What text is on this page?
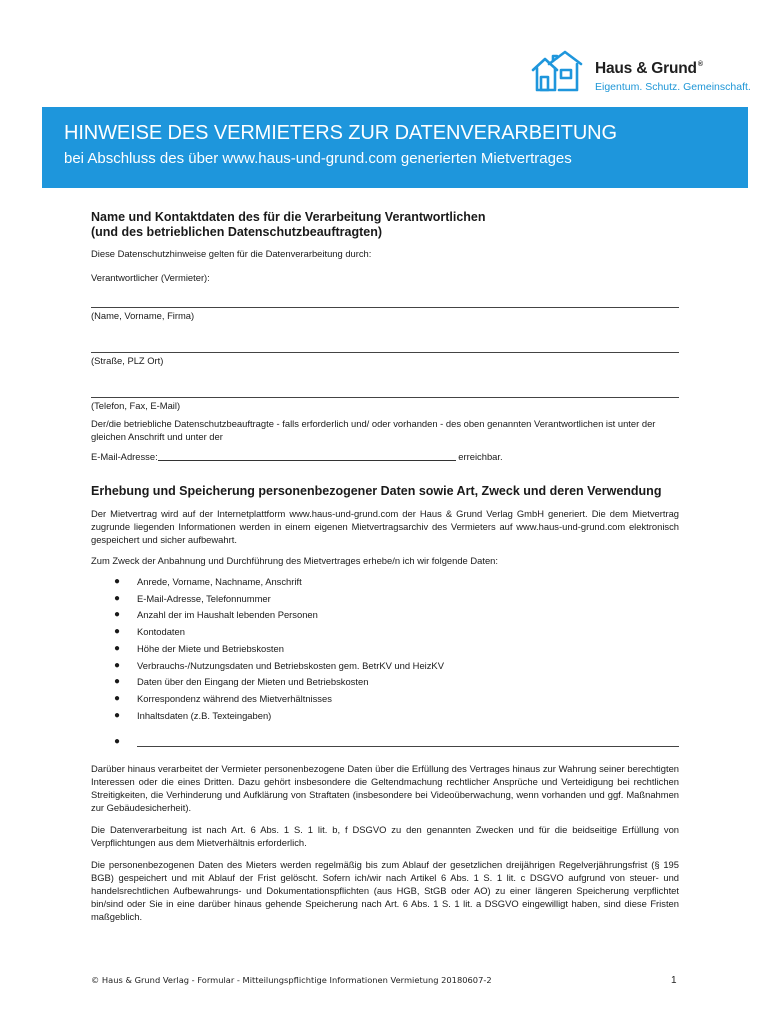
Haus & Grund®
Eigentum. Schutz. Gemeinschaft.
HINWEISE DES VERMIETERS ZUR DATENVERARBEITUNG
bei Abschluss des über www.haus-und-grund.com generierten Mietvertrages

Name und Kontaktdaten des für die Verarbeitung Verantwortlichen

(und des betrieblichen Datenschutzbeauftragten)

Diese Datenschutzhinweise gelten für die Datenverarbeitung durch:

Verantwortlicher (Vermieter):

(Name, Vorname, Firma)
(Straße, PLZ Ort)
(Telefon, Fax, E-Mail)

Der/die betriebliche Datenschutzbeauftragte - falls erforderlich und/ oder vorhanden - des oben genannten Verantwortlichen ist unter der gleichen Anschrift und unter der

E-Mail-Adresse:	erreichbar.

Erhebung und Speicherung personenbezogener Daten sowie Art, Zweck und deren Verwendung

Der Mietvertrag wird auf der Internetplattform www.haus-und-grund.com der Haus & Grund Verlag GmbH generiert. Die dem Mietvertrag zugrunde liegenden Informationen werden in einem eigenen Mietvertragsarchiv des Vermieters auf www.haus-und-grund.com elektronisch gespeichert und sicher aufbewahrt.

Zum Zweck der Anbahnung und Durchführung des Mietvertrages erhebe/n ich wir folgende Daten:

● Anrede, Vorname, Nachname, Anschrift
● E-Mail-Adresse, Telefonnummer
● Anzahl der im Haushalt lebenden Personen
● Kontodaten
● Höhe der Miete und Betriebskosten
● Verbrauchs-/Nutzungsdaten und Betriebskosten gem. BetrKV und HeizKV
● Daten über den Eingang der Mieten und Betriebskosten
● Korrespondenz während des Mietverhältnisses
● Inhaltsdaten (z.B. Texteingaben)
●

Darüber hinaus verarbeitet der Vermieter personenbezogene Daten über die Erfüllung des Vertrages hinaus zur Wahrung seiner berechtigten Interessen oder die eines Dritten. Dazu gehört insbesondere die Geltendmachung rechtlicher Ansprüche und Verteidigung bei rechtlichen Streitigkeiten, die Verhinderung und Aufklärung von Straftaten (insbesondere bei Videoüberwachung, wenn vorhanden und ggf. Maßnahmen zur Gebäudesicherheit).

Die Datenverarbeitung ist nach Art. 6 Abs. 1 S. 1 lit. b, f DSGVO zu den genannten Zwecken und für die beidseitige Erfüllung von Verpflichtungen aus dem Mietverhältnis erforderlich.

Die personenbezogenen Daten des Mieters werden regelmäßig bis zum Ablauf der gesetzlichen dreijährigen Regelverjährungsfrist (§ 195 BGB) gespeichert und mit Ablauf der Frist gelöscht. Sofern ich/wir nach Artikel 6 Abs. 1 S. 1 lit. c DSGVO aufgrund von steuer- und handelsrechtlichen Aufbewahrungs- und Dokumentationspflichten (aus HGB, StGB oder AO) zu einer längeren Speicherung verpflichtet bin/sind oder Sie in eine darüber hinaus gehende Speicherung nach Art. 6 Abs. 1 S. 1 lit. a DSGVO eingewilligt haben, sind diese Fristen maßgeblich.

© Haus & Grund Verlag - Formular - Mitteilungspflichtige Informationen Vermietung 20180607-2	1
